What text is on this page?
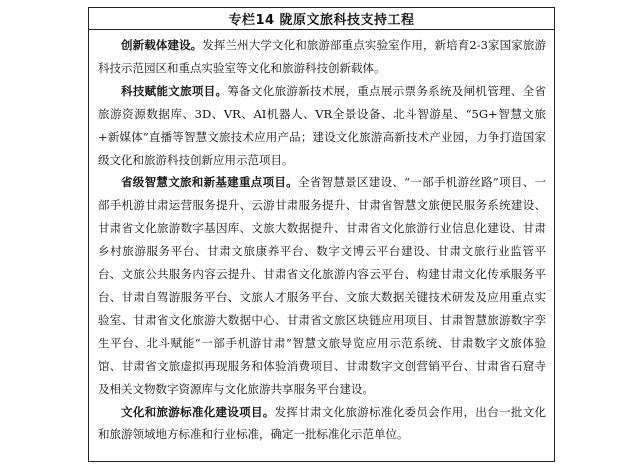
专栏14 陇原文旅科技支持工程

创新载体建设。发挥兰州大学文化和旅游部重点实验室作用，新培育2-3家国家旅游科技示范园区和重点实验室等文化和旅游科技创新载体。

科技赋能文旅项目。筹备文化旅游新技术展，重点展示票务系统及闸机管理、全省旅游资源数据库、3D、VR、AI机器人、VR全景设备、北斗智游星、“5G+智慧文旅+新媒体”直播等智慧文旅技术应用产品；建设文化旅游高新技术产业园，力争打造国家级文化和旅游科技创新应用示范项目。

省级智慧文旅和新基建重点项目。全省智慧景区建设、“一部手机游丝路”项目、一部手机游甘肃运营服务提升、云游甘肃服务提升、甘肃省智慧文旅便民服务系统建设、甘肃省文化旅游数字基因库、文旅大数据提升、甘肃省文化旅游行业信息化建设、甘肃乡村旅游服务平台、甘肃文旅康养平台、数字文博云平台建设、甘肃文旅行业监管平台、文旅公共服务内容云提升、甘肃省文化旅游内容云平台、构建甘肃文化传承服务平台、甘肃自驾游服务平台、文旅人才服务平台、文旅大数据关键技术研发及应用重点实验室、甘肃省文化旅游大数据中心、甘肃省文旅区块链应用项目、甘肃智慧旅游数字孪生平台、北斗赋能“一部手机游甘肃”智慧文旅导览应用示范系统、甘肃数字文旅体验馆、甘肃省文旅虚拟再现服务和体验消费项目、甘肃数字文创营销平台、甘肃省石窟寺及相关文物数字资源库与文化旅游共享服务平台建设。

文化和旅游标准化建设项目。发挥甘肃文化旅游标准化委员会作用，出台一批文化和旅游领域地方标准和行业标准，确定一批标准化示范单位。
